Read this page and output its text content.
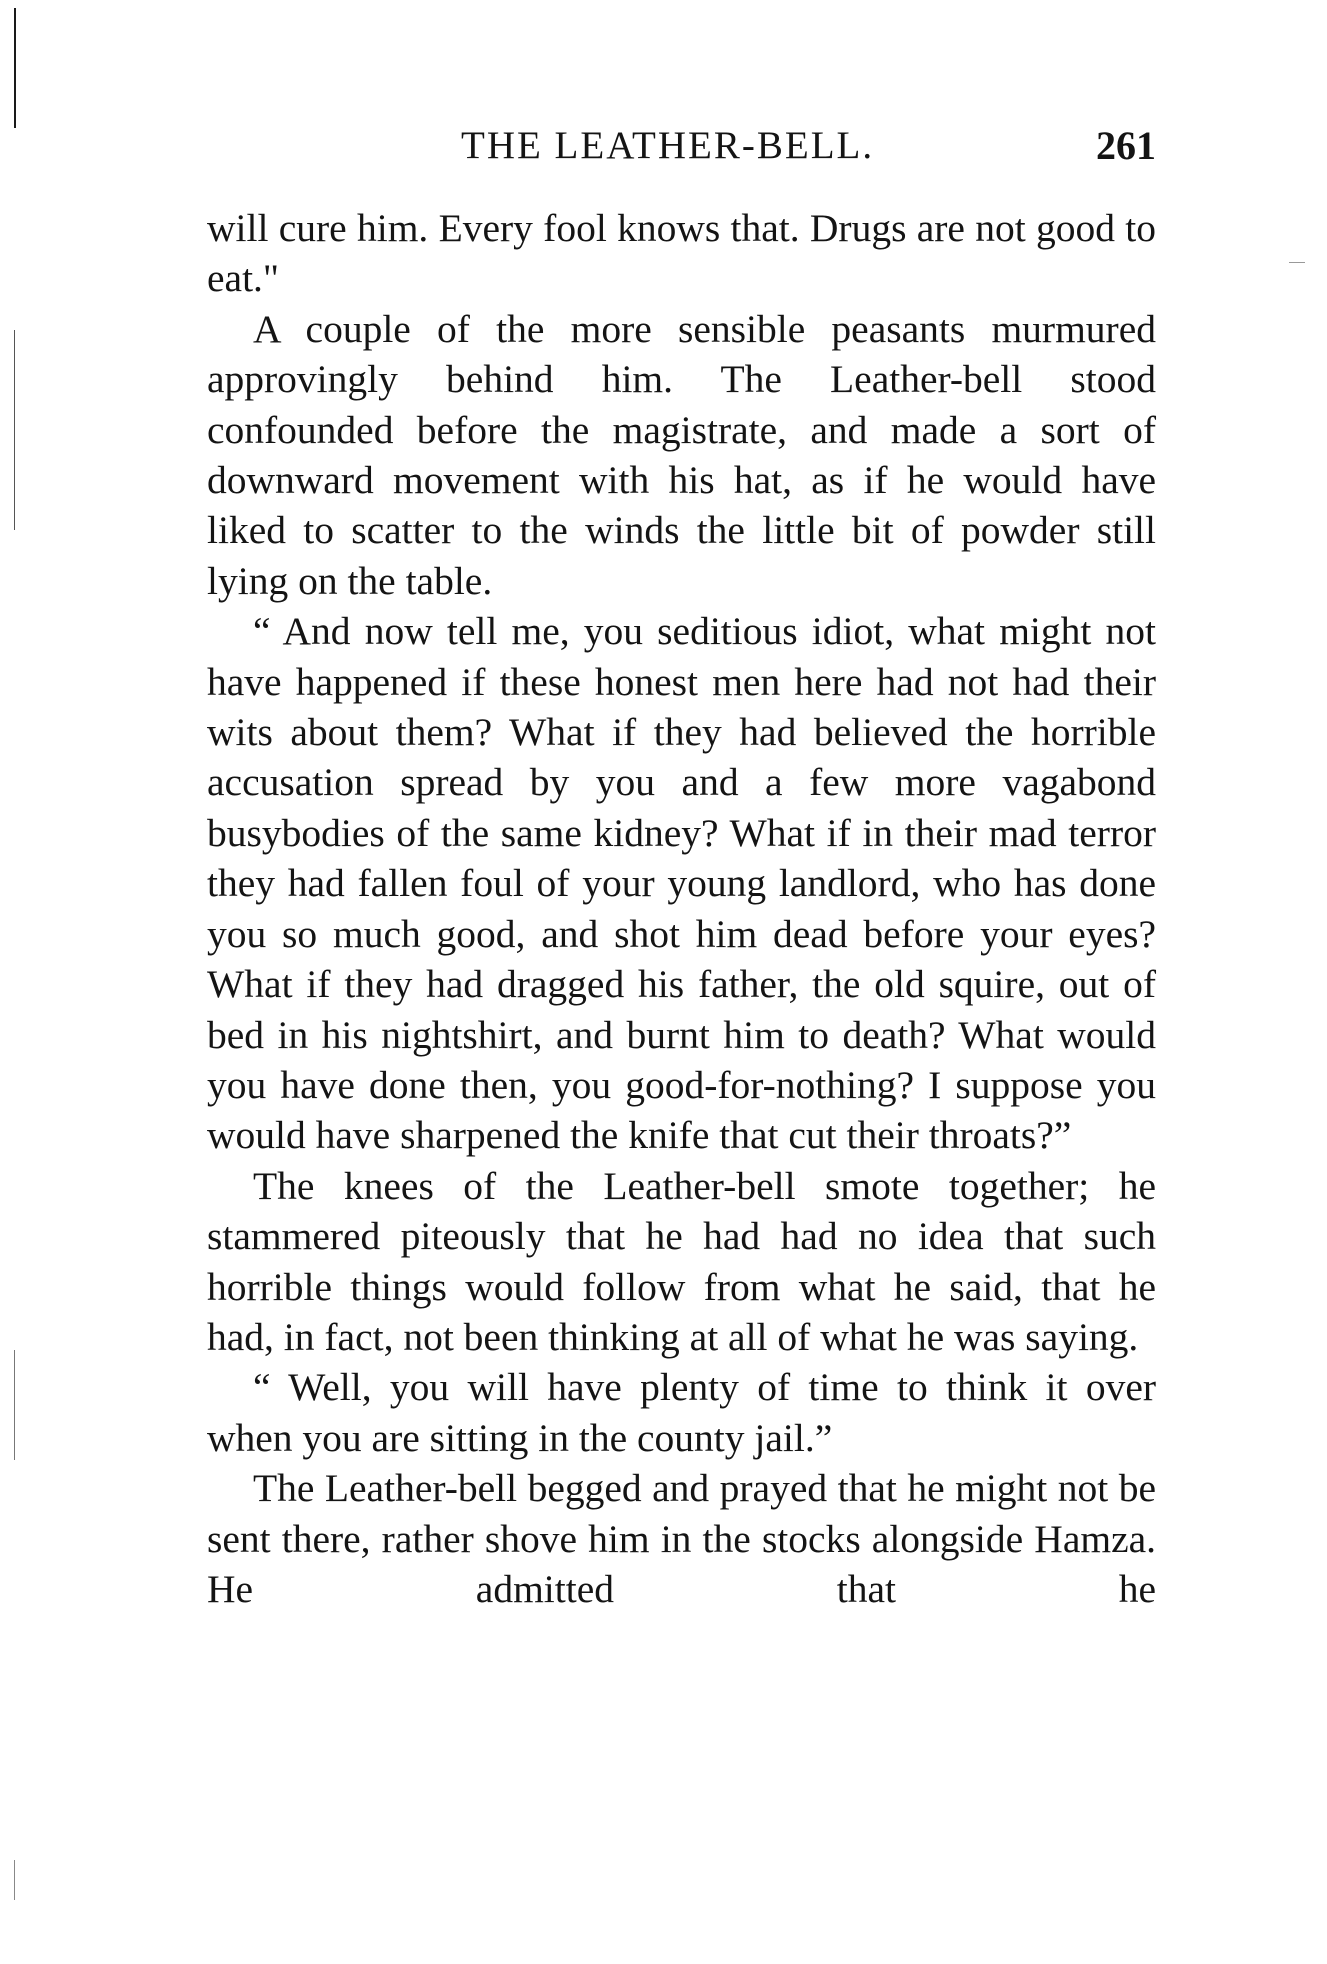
THE LEATHER-BELL.	261

will cure him. Every fool knows that. Drugs are not good to eat."

A couple of the more sensible peasants murmured approvingly behind him. The Leather-bell stood confounded before the magistrate, and made a sort of downward movement with his hat, as if he would have liked to scatter to the winds the little bit of powder still lying on the table.

“ And now tell me, you seditious idiot, what might not have happened if these honest men here had not had their wits about them? What if they had believed the horrible accusation spread by you and a few more vagabond busybodies of the same kidney? What if in their mad terror they had fallen foul of your young landlord, who has done you so much good, and shot him dead before your eyes? What if they had dragged his father, the old squire, out of bed in his nightshirt, and burnt him to death? What would you have done then, you good-for-nothing? I suppose you would have sharpened the knife that cut their throats?”

The knees of the Leather-bell smote together; he stammered piteously that he had had no idea that such horrible things would follow from what he said, that he had, in fact, not been thinking at all of what he was saying.

“ Well, you will have plenty of time to think it over when you are sitting in the county jail.”

The Leather-bell begged and prayed that he might not be sent there, rather shove him in the stocks alongside Hamza. He admitted that he
